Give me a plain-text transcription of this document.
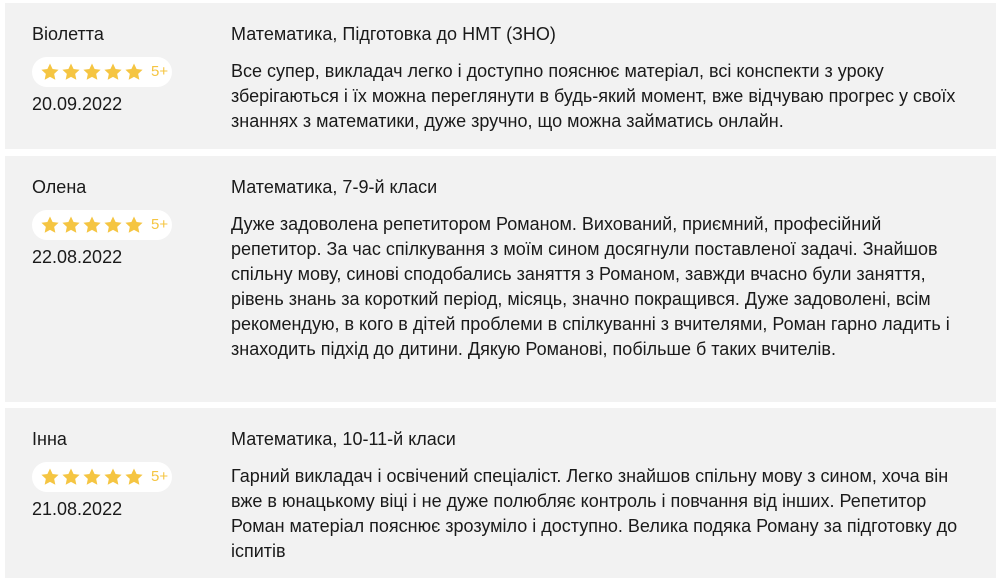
Віолетта
5+
20.09.2022
Математика, Підготовка до НМТ (ЗНО)

Все супер, викладач легко і доступно пояснює матеріал, всі конспекти з уроку зберігаються і їх можна переглянути в будь-який момент, вже відчуваю прогрес у своїх знаннях з математики, дуже зручно, що можна займатись онлайн.

Олена
5+
22.08.2022
Математика, 7-9-й класи

Дуже задоволена репетитором Романом. Вихований, приємний, професійний репетитор. За час спілкування з моїм сином досягнули поставленої задачі. Знайшов спільну мову, синові сподобались заняття з Романом, завжди вчасно були заняття, рівень знань за короткий період, місяць, значно покращився. Дуже задоволені, всім рекомендую, в кого в дітей проблеми в спілкуванні з вчителями, Роман гарно ладить і знаходить підхід до дитини. Дякую Романові, побільше б таких вчителів.

Інна
5+
21.08.2022
Математика, 10-11-й класи

Гарний викладач і освічений спеціаліст. Легко знайшов спільну мову з сином, хоча він вже в юнацькому віці і не дуже полюбляє контроль і повчання від інших. Репетитор Роман матеріал пояснює зрозуміло і доступно. Велика подяка Роману за підготовку до іспитів
